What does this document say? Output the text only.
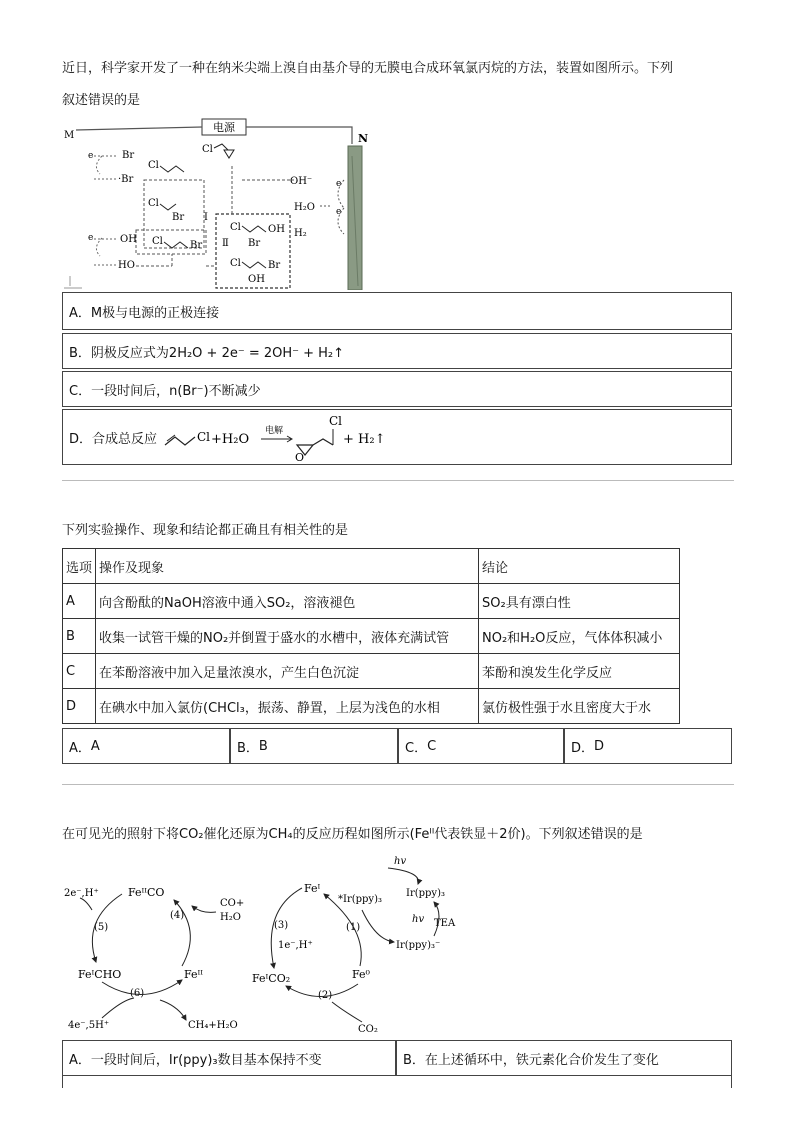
近日，科学家开发了一种在纳米尖端上溴自由基介导的无膜电合成环氧氯丙烷的方法，装置如图所示。下列
叙述错误的是
电源
M	N
e	Br
·Br
e	OH
HO
Cl
Cl
Cl
Br
Cl	Br
Ⅰ
Cl	OH
Br
Ⅱ
Cl	Br
OH
OH⁻
H₂O
H₂
e
e
A． M极与电源的正极连接
B． 阴极反应式为2H₂O + 2e⁻ = 2OH⁻ + H₂↑
C． 一段时间后，n(Br⁻)不断减少
D． 合成总反应	Cl +H₂O
电解
O
Cl
+ H₂↑
下列实验操作、现象和结论都正确且有相关性的是
选项	操作及现象	结论
A	向含酚酞的NaOH溶液中通入SO₂，溶液褪色	SO₂具有漂白性
B	收集一试管干燥的NO₂并倒置于盛水的水槽中，液体充满试管	NO₂和H₂O反应，气体体积减小
C	在苯酚溶液中加入足量浓溴水，产生白色沉淀	苯酚和溴发生化学反应
D	在碘水中加入氯仿(CHCl₃，振荡、静置，上层为浅色的水相	氯仿极性强于水且密度大于水
A． A	B． B	C． C	D． D
在可见光的照射下将CO₂催化还原为CH₄的反应历程如图所示(Feᴵᴵ代表铁显＋2价)。下列叙述错误的是
2e⁻,H⁺	FeᴵᴵCO
CO+
H₂O
(4)
(5)
FeᴵCHO	Feᴵᴵ
(6)
4e⁻,5H⁺	CH₄+H₂O
Feᴵ
*Ir(ppy)₃
hv
Ir(ppy)₃
(3)	(1)
1e⁻,H⁺
hv TEA
Ir(ppy)₃⁻
FeᴵCO₂	Fe⁰
(2)
CO₂
A． 一段时间后，Ir(ppy)₃数目基本保持不变	B． 在上述循环中，铁元素化合价发生了变化
